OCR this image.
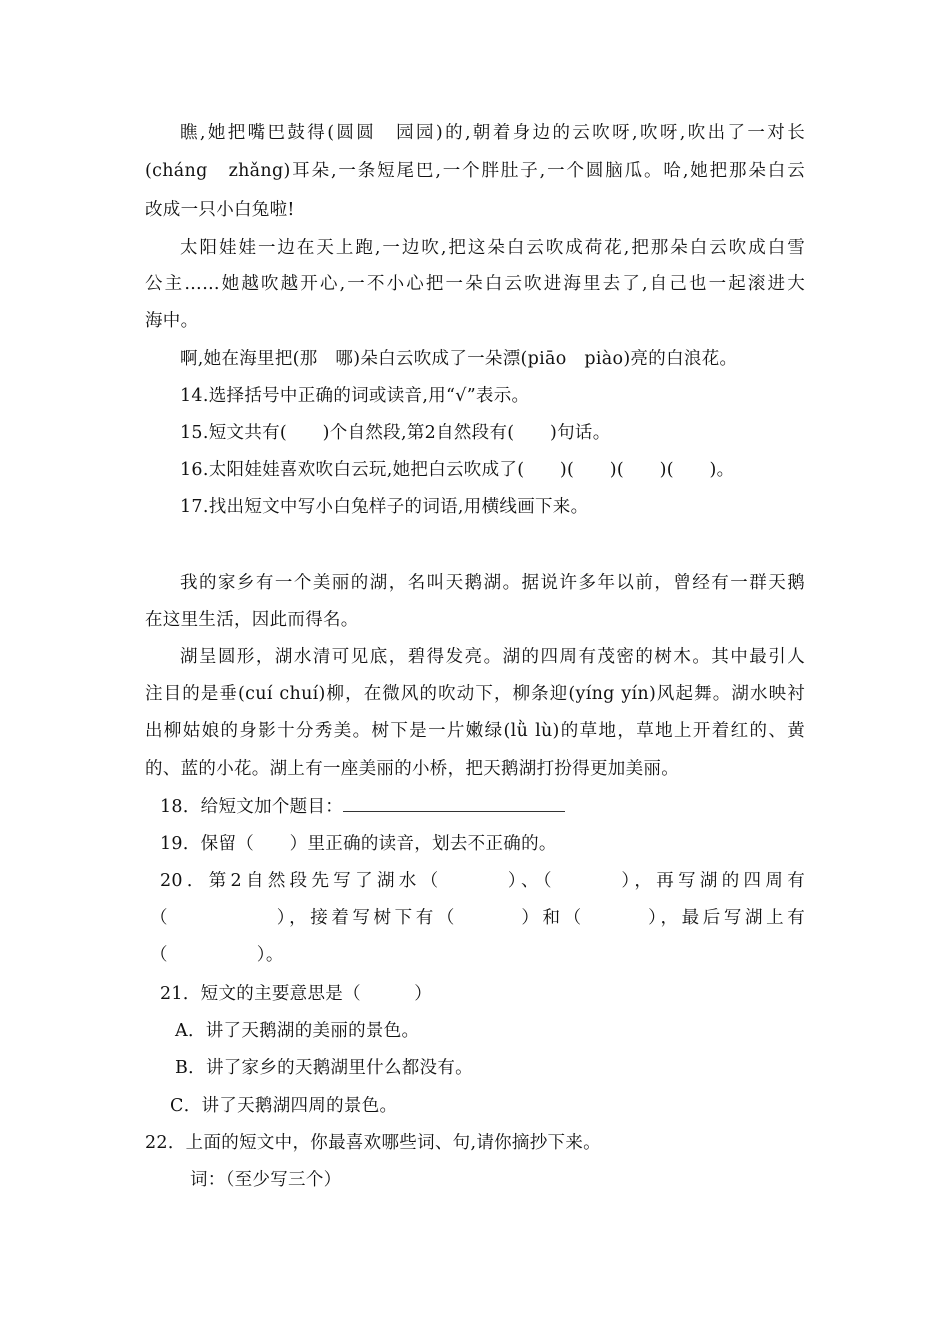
瞧,她把嘴巴鼓得(圆圆　园园)的,朝着身边的云吹呀,吹呀,吹出了一对长
(cháng　zhǎng)耳朵,一条短尾巴,一个胖肚子,一个圆脑瓜。哈,她把那朵白云
改成一只小白兔啦!
太阳娃娃一边在天上跑,一边吹,把这朵白云吹成荷花,把那朵白云吹成白雪
公主……她越吹越开心,一不小心把一朵白云吹进海里去了,自己也一起滚进大
海中。
啊,她在海里把(那　哪)朵白云吹成了一朵漂(piāo　piào)亮的白浪花。
14.选择括号中正确的词或读音,用“√”表示。
15.短文共有(　　)个自然段,第2自然段有(　　)句话。
16.太阳娃娃喜欢吹白云玩,她把白云吹成了(　　)(　　)(　　)(　　)。
17.找出短文中写小白兔样子的词语,用横线画下来。
我的家乡有一个美丽的湖，名叫天鹅湖。据说许多年以前，曾经有一群天鹅
在这里生活，因此而得名。
湖呈圆形，湖水清可见底，碧得发亮。湖的四周有茂密的树木。其中最引人
注目的是垂(cuí chuí)柳，在微风的吹动下，柳条迎(yíng yín)风起舞。湖水映衬
出柳姑娘的身影十分秀美。树下是一片嫩绿(lǜ lù)的草地，草地上开着红的、黄
的、蓝的小花。湖上有一座美丽的小桥，把天鹅湖打扮得更加美丽。
18．给短文加个题目：
19．保留（　　）里正确的读音，划去不正确的。
20．第2自然段先写了湖水（　　　）、（　　　），再写湖的四周有
（　　　　　），接着写树下有（　　　）和（　　　），最后写湖上有
（　　　　　）。
21．短文的主要意思是（　　　）
A．讲了天鹅湖的美丽的景色。
B．讲了家乡的天鹅湖里什么都没有。
C．讲了天鹅湖四周的景色。
22．上面的短文中，你最喜欢哪些词、句,请你摘抄下来。
词：（至少写三个）
